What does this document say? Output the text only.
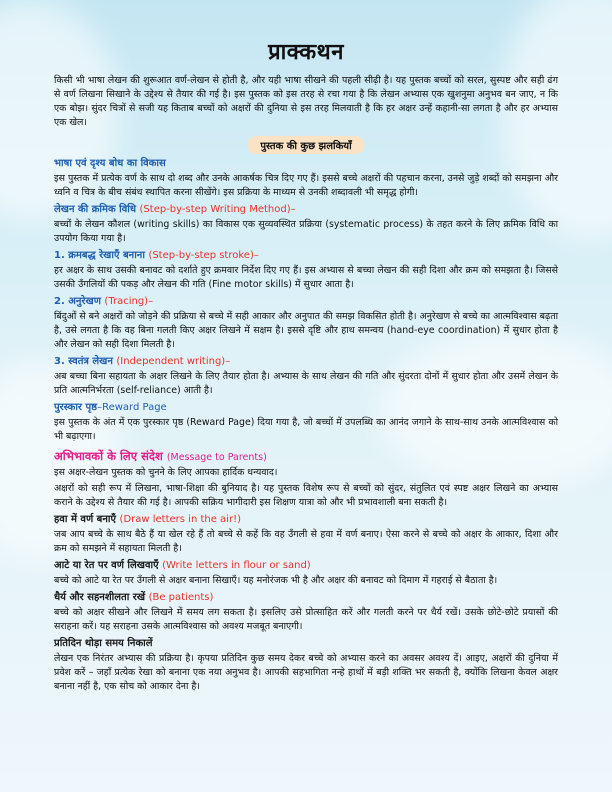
प्राक्कथन

किसी भी भाषा लेखन की शुरूआत वर्ण-लेखन से होती है, और यही भाषा सीखने की पहली सीढ़ी है। यह पुस्तक बच्चों को सरल, सुस्पष्ट और सही ढंग से वर्ण लिखना सिखाने के उद्देश्य से तैयार की गई है। इस पुस्तक को इस तरह से रचा गया है कि लेखन अभ्यास एक खुशनुमा अनुभव बन जाए, न कि एक बोझ। सुंदर चित्रों से सजी यह किताब बच्चों को अक्षरों की दुनिया से इस तरह मिलवाती है कि हर अक्षर उन्हें कहानी-सा लगता है और हर अभ्यास एक खेल।

पुस्तक की कुछ झलकियाँ
भाषा एवं दृश्य बोध का विकास

इस पुस्तक में प्रत्येक वर्ण के साथ दो शब्द और उनके आकर्षक चित्र दिए गए हैं। इससे बच्चे अक्षरों की पहचान करना, उनसे जुड़े शब्दों को समझना और ध्वनि व चित्र के बीच संबंध स्थापित करना सीखेंगे। इस प्रक्रिया के माध्यम से उनकी शब्दावली भी समृद्ध होगी।

लेखन की क्रमिक विधि (Step-by-step Writing Method)–

बच्चों के लेखन कौशल (writing skills) का विकास एक सुव्यवस्थित प्रक्रिया (systematic process) के तहत करने के लिए क्रमिक विधि का उपयोग किया गया है।

1. क्रमबद्ध रेखाएँ बनाना (Step-by-step stroke)–

हर अक्षर के साथ उसकी बनावट को दर्शाते हुए क्रमवार निर्देश दिए गए हैं। इस अभ्यास से बच्चा लेखन की सही दिशा और क्रम को समझता है। जिससे उसकी उँगलियों की पकड़ और लेखन की गति (Fine motor skills) में सुधार आता है।

2. अनुरेखण (Tracing)–

बिंदुओं से बने अक्षरों को जोड़ने की प्रक्रिया से बच्चे में सही आकार और अनुपात की समझ विकसित होती है। अनुरेखण से बच्चे का आत्मविश्वास बढ़ता है, उसे लगता है कि वह बिना गलती किए अक्षर लिखने में सक्षम है। इससे दृष्टि और हाथ समन्वय (hand-eye coordination) में सुधार होता है और लेखन को सही दिशा मिलती है।

3. स्वतंत्र लेखन (Independent writing)–

अब बच्चा बिना सहायता के अक्षर लिखने के लिए तैयार होता है। अभ्यास के साथ लेखन की गति और सुंदरता दोनों में सुधार होता और उसमें लेखन के प्रति आत्मनिर्भरता (self-reliance) आती है।

पुरस्कार पृष्ठ–Reward Page

इस पुस्तक के अंत में एक पुरस्कार पृष्ठ (Reward Page) दिया गया है, जो बच्चों में उपलब्धि का आनंद जगाने के साथ-साथ उनके आत्मविश्वास को भी बढ़ाएगा।

अभिभावकों के लिए संदेश (Message to Parents)

इस अक्षर-लेखन पुस्तक को चुनने के लिए आपका हार्दिक धन्यवाद।

अक्षरों को सही रूप में लिखना, भाषा-शिक्षा की बुनियाद है। यह पुस्तक विशेष रूप से बच्चों को सुंदर, संतुलित एवं स्पष्ट अक्षर लिखने का अभ्यास कराने के उद्देश्य से तैयार की गई है। आपकी सक्रिय भागीदारी इस शिक्षण यात्रा को और भी प्रभावशाली बना सकती है।

हवा में वर्ण बनाएँ (Draw letters in the air!)

जब आप बच्चे के साथ बैठे हैं या खेल रहे हैं तो बच्चे से कहें कि वह उँगली से हवा में वर्ण बनाए। ऐसा करने से बच्चे को अक्षर के आकार, दिशा और क्रम को समझने में सहायता मिलती है।

आटे या रेत पर वर्ण लिखवाएँ (Write letters in flour or sand)

बच्चे को आटे या रेत पर उँगली से अक्षर बनाना सिखाएँ। यह मनोरंजक भी है और अक्षर की बनावट को दिमाग में गहराई से बैठाता है।

धैर्य और सहनशीलता रखें (Be patients)

बच्चे को अक्षर सीखने और लिखने में समय लग सकता है। इसलिए उसे प्रोत्साहित करें और गलती करने पर धैर्य रखें। उसके छोटे-छोटे प्रयासों की सराहना करें। यह सराहना उसके आत्मविश्वास को अवश्य मजबूत बनाएगी।

प्रतिदिन थोड़ा समय निकालें

लेखन एक निरंतर अभ्यास की प्रक्रिया है। कृपया प्रतिदिन कुछ समय देकर बच्चे को अभ्यास करने का अवसर अवश्य दें। आइए, अक्षरों की दुनिया में प्रवेश करें – जहाँ प्रत्येक रेखा को बनाना एक नया अनुभव है। आपकी सहभागिता नन्हे हाथों में बड़ी शक्ति भर सकती है, क्योंकि लिखना केवल अक्षर बनाना नहीं है, एक सोच को आकार देना है।
